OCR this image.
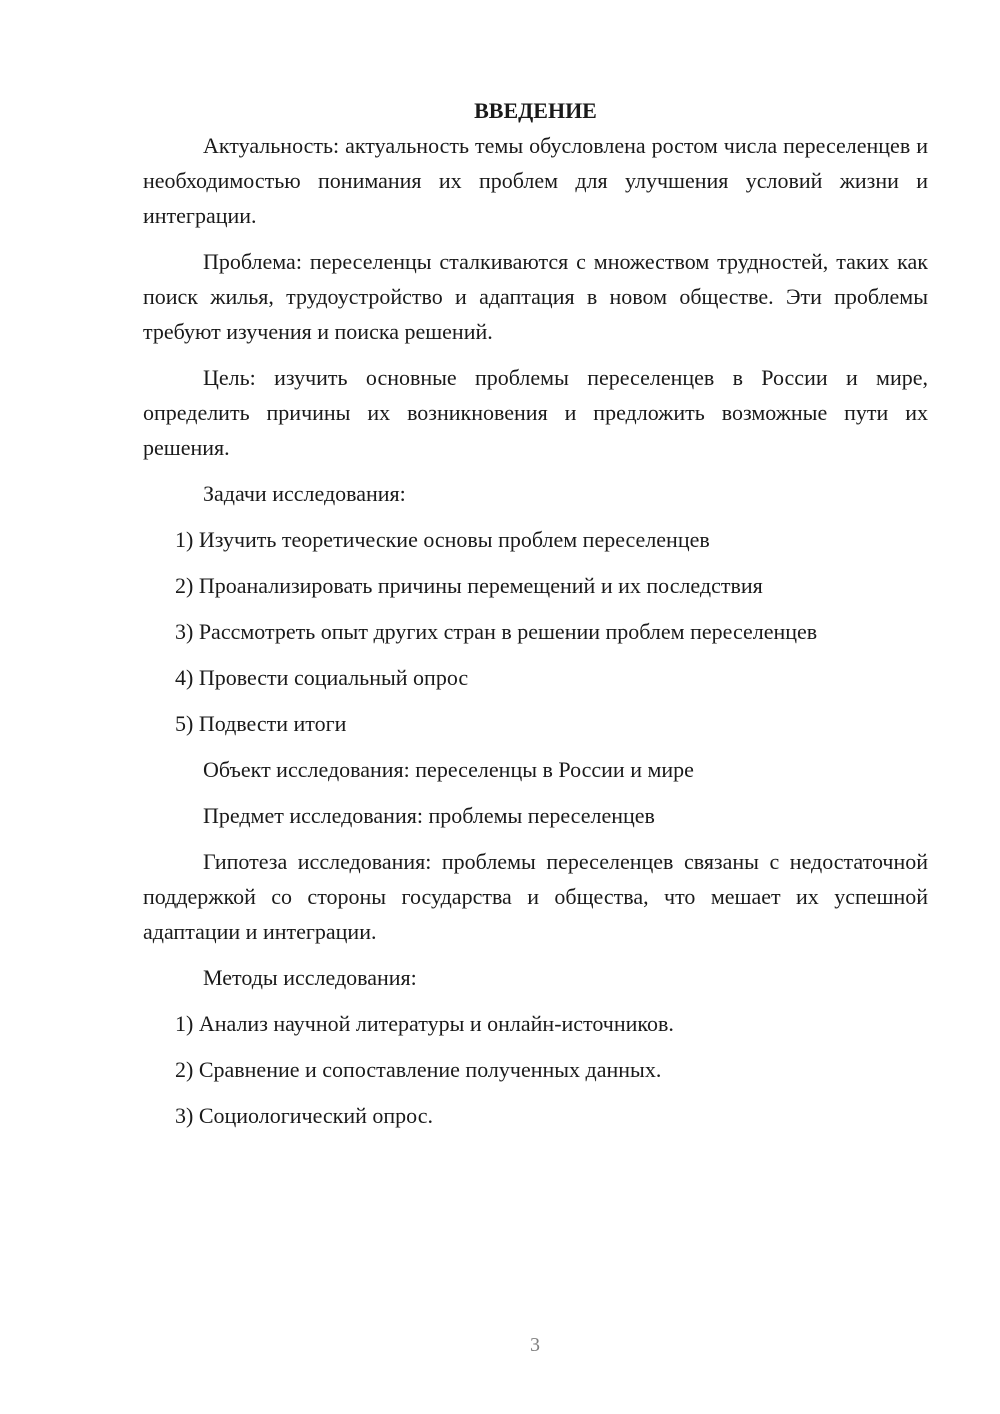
ВВЕДЕНИЕ

Актуальность: актуальность темы обусловлена ростом числа переселенцев и необходимостью понимания их проблем для улучшения условий жизни и интеграции.

Проблема: переселенцы сталкиваются с множеством трудностей, таких как поиск жилья, трудоустройство и адаптация в новом обществе. Эти проблемы требуют изучения и поиска решений.

Цель: изучить основные проблемы переселенцев в России и мире, определить причины их возникновения и предложить возможные пути их решения.

Задачи исследования:

1) Изучить теоретические основы проблем переселенцев

2) Проанализировать причины перемещений и их последствия

3) Рассмотреть опыт других стран в решении проблем переселенцев

4) Провести социальный опрос

5) Подвести итоги

Объект исследования: переселенцы в России и мире

Предмет исследования: проблемы переселенцев

Гипотеза исследования: проблемы переселенцев связаны с недостаточной поддержкой со стороны государства и общества, что мешает их успешной адаптации и интеграции.

Методы исследования:

1) Анализ научной литературы и онлайн-источников.

2) Сравнение и сопоставление полученных данных.

3) Социологический опрос.

3
